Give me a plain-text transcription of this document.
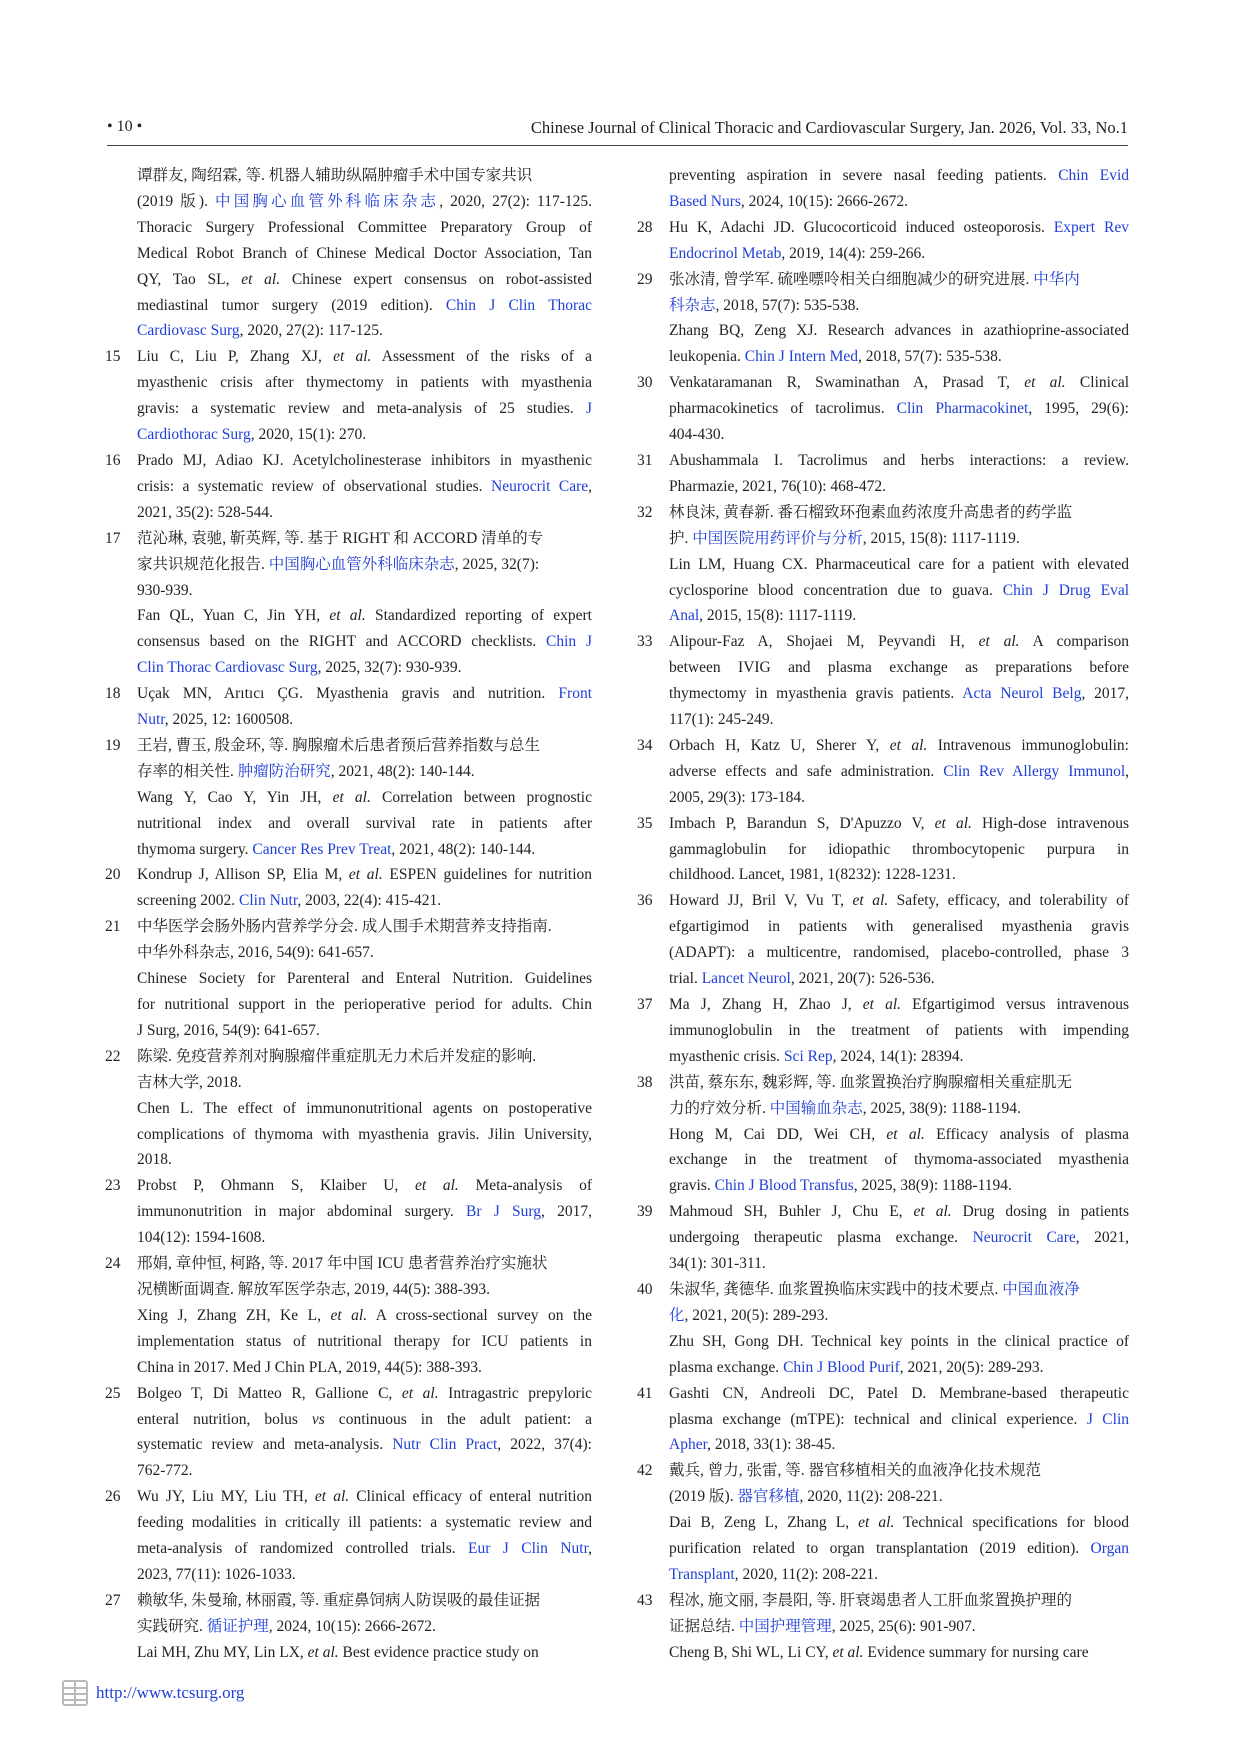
• 10 •	Chinese Journal of Clinical Thoracic and Cardiovascular Surgery, Jan. 2026, Vol. 33, No.1
谭群友, 陶绍霖, 等. 机器人辅助纵隔肿瘤手术中国专家共识
(2019 版). 中国胸心血管外科临床杂志, 2020, 27(2): 117-125.
Thoracic Surgery Professional Committee Preparatory Group of
Medical Robot Branch of Chinese Medical Doctor Association, Tan
QY, Tao SL, et al. Chinese expert consensus on robot-assisted
mediastinal tumor surgery (2019 edition). Chin J Clin Thorac
Cardiovasc Surg, 2020, 27(2): 117-125.
15	Liu C, Liu P, Zhang XJ, et al. Assessment of the risks of a
myasthenic crisis after thymectomy in patients with myasthenia
gravis: a systematic review and meta-analysis of 25 studies. J
Cardiothorac Surg, 2020, 15(1): 270.
16	Prado MJ, Adiao KJ. Acetylcholinesterase inhibitors in myasthenic
crisis: a systematic review of observational studies. Neurocrit Care,
2021, 35(2): 528-544.
17	范沁琳, 袁驰, 靳英辉, 等. 基于 RIGHT 和 ACCORD 清单的专
家共识规范化报告. 中国胸心血管外科临床杂志, 2025, 32(7):
930-939.
Fan QL, Yuan C, Jin YH, et al. Standardized reporting of expert
consensus based on the RIGHT and ACCORD checklists. Chin J
Clin Thorac Cardiovasc Surg, 2025, 32(7): 930-939.
18	Uçak MN, Arıtıcı ÇG. Myasthenia gravis and nutrition. Front
Nutr, 2025, 12: 1600508.
19	王岩, 曹玉, 殷金环, 等. 胸腺瘤术后患者预后营养指数与总生
存率的相关性. 肿瘤防治研究, 2021, 48(2): 140-144.
Wang Y, Cao Y, Yin JH, et al. Correlation between prognostic
nutritional index and overall survival rate in patients after
thymoma surgery. Cancer Res Prev Treat, 2021, 48(2): 140-144.
20	Kondrup J, Allison SP, Elia M, et al. ESPEN guidelines for nutrition
screening 2002. Clin Nutr, 2003, 22(4): 415-421.
21	中华医学会肠外肠内营养学分会. 成人围手术期营养支持指南.
中华外科杂志, 2016, 54(9): 641-657.
Chinese Society for Parenteral and Enteral Nutrition. Guidelines
for nutritional support in the perioperative period for adults. Chin
J Surg, 2016, 54(9): 641-657.
22	陈梁. 免疫营养剂对胸腺瘤伴重症肌无力术后并发症的影响.
吉林大学, 2018.
Chen L. The effect of immunonutritional agents on postoperative
complications of thymoma with myasthenia gravis. Jilin University,
2018.
23	Probst P, Ohmann S, Klaiber U, et al. Meta-analysis of
immunonutrition in major abdominal surgery. Br J Surg, 2017,
104(12): 1594-1608.
24	邢娟, 章仲恒, 柯路, 等. 2017 年中国 ICU 患者营养治疗实施状
况横断面调查. 解放军医学杂志, 2019, 44(5): 388-393.
Xing J, Zhang ZH, Ke L, et al. A cross-sectional survey on the
implementation status of nutritional therapy for ICU patients in
China in 2017. Med J Chin PLA, 2019, 44(5): 388-393.
25	Bolgeo T, Di Matteo R, Gallione C, et al. Intragastric prepyloric
enteral nutrition, bolus vs continuous in the adult patient: a
systematic review and meta-analysis. Nutr Clin Pract, 2022, 37(4):
762-772.
26	Wu JY, Liu MY, Liu TH, et al. Clinical efficacy of enteral nutrition
feeding modalities in critically ill patients: a systematic review and
meta-analysis of randomized controlled trials. Eur J Clin Nutr,
2023, 77(11): 1026-1033.
27	赖敏华, 朱曼瑜, 林丽霞, 等. 重症鼻饲病人防误吸的最佳证据
实践研究. 循证护理, 2024, 10(15): 2666-2672.
Lai MH, Zhu MY, Lin LX, et al. Best evidence practice study on
preventing aspiration in severe nasal feeding patients. Chin Evid
Based Nurs, 2024, 10(15): 2666-2672.
28	Hu K, Adachi JD. Glucocorticoid induced osteoporosis. Expert Rev
Endocrinol Metab, 2019, 14(4): 259-266.
29	张冰清, 曾学军. 硫唑嘌呤相关白细胞减少的研究进展. 中华内
科杂志, 2018, 57(7): 535-538.
Zhang BQ, Zeng XJ. Research advances in azathioprine-associated
leukopenia. Chin J Intern Med, 2018, 57(7): 535-538.
30	Venkataramanan R, Swaminathan A, Prasad T, et al. Clinical
pharmacokinetics of tacrolimus. Clin Pharmacokinet, 1995, 29(6):
404-430.
31	Abushammala I. Tacrolimus and herbs interactions: a review.
Pharmazie, 2021, 76(10): 468-472.
32	林良沫, 黄春新. 番石榴致环孢素血药浓度升高患者的药学监
护. 中国医院用药评价与分析, 2015, 15(8): 1117-1119.
Lin LM, Huang CX. Pharmaceutical care for a patient with elevated
cyclosporine blood concentration due to guava. Chin J Drug Eval
Anal, 2015, 15(8): 1117-1119.
33	Alipour-Faz A, Shojaei M, Peyvandi H, et al. A comparison
between IVIG and plasma exchange as preparations before
thymectomy in myasthenia gravis patients. Acta Neurol Belg, 2017,
117(1): 245-249.
34	Orbach H, Katz U, Sherer Y, et al. Intravenous immunoglobulin:
adverse effects and safe administration. Clin Rev Allergy Immunol,
2005, 29(3): 173-184.
35	Imbach P, Barandun S, D'Apuzzo V, et al. High-dose intravenous
gammaglobulin for idiopathic thrombocytopenic purpura in
childhood. Lancet, 1981, 1(8232): 1228-1231.
36	Howard JJ, Bril V, Vu T, et al. Safety, efficacy, and tolerability of
efgartigimod in patients with generalised myasthenia gravis
(ADAPT): a multicentre, randomised, placebo-controlled, phase 3
trial. Lancet Neurol, 2021, 20(7): 526-536.
37	Ma J, Zhang H, Zhao J, et al. Efgartigimod versus intravenous
immunoglobulin in the treatment of patients with impending
myasthenic crisis. Sci Rep, 2024, 14(1): 28394.
38	洪苗, 蔡东东, 魏彩辉, 等. 血浆置换治疗胸腺瘤相关重症肌无
力的疗效分析. 中国输血杂志, 2025, 38(9): 1188-1194.
Hong M, Cai DD, Wei CH, et al. Efficacy analysis of plasma
exchange in the treatment of thymoma-associated myasthenia
gravis. Chin J Blood Transfus, 2025, 38(9): 1188-1194.
39	Mahmoud SH, Buhler J, Chu E, et al. Drug dosing in patients
undergoing therapeutic plasma exchange. Neurocrit Care, 2021,
34(1): 301-311.
40	朱淑华, 龚德华. 血浆置换临床实践中的技术要点. 中国血液净
化, 2021, 20(5): 289-293.
Zhu SH, Gong DH. Technical key points in the clinical practice of
plasma exchange. Chin J Blood Purif, 2021, 20(5): 289-293.
41	Gashti CN, Andreoli DC, Patel D. Membrane-based therapeutic
plasma exchange (mTPE): technical and clinical experience. J Clin
Apher, 2018, 33(1): 38-45.
42	戴兵, 曾力, 张雷, 等. 器官移植相关的血液净化技术规范
(2019 版). 器官移植, 2020, 11(2): 208-221.
Dai B, Zeng L, Zhang L, et al. Technical specifications for blood
purification related to organ transplantation (2019 edition). Organ
Transplant, 2020, 11(2): 208-221.
43	程冰, 施文丽, 李晨阳, 等. 肝衰竭患者人工肝血浆置换护理的
证据总结. 中国护理管理, 2025, 25(6): 901-907.
Cheng B, Shi WL, Li CY, et al. Evidence summary for nursing care
http://www.tcsurg.org
